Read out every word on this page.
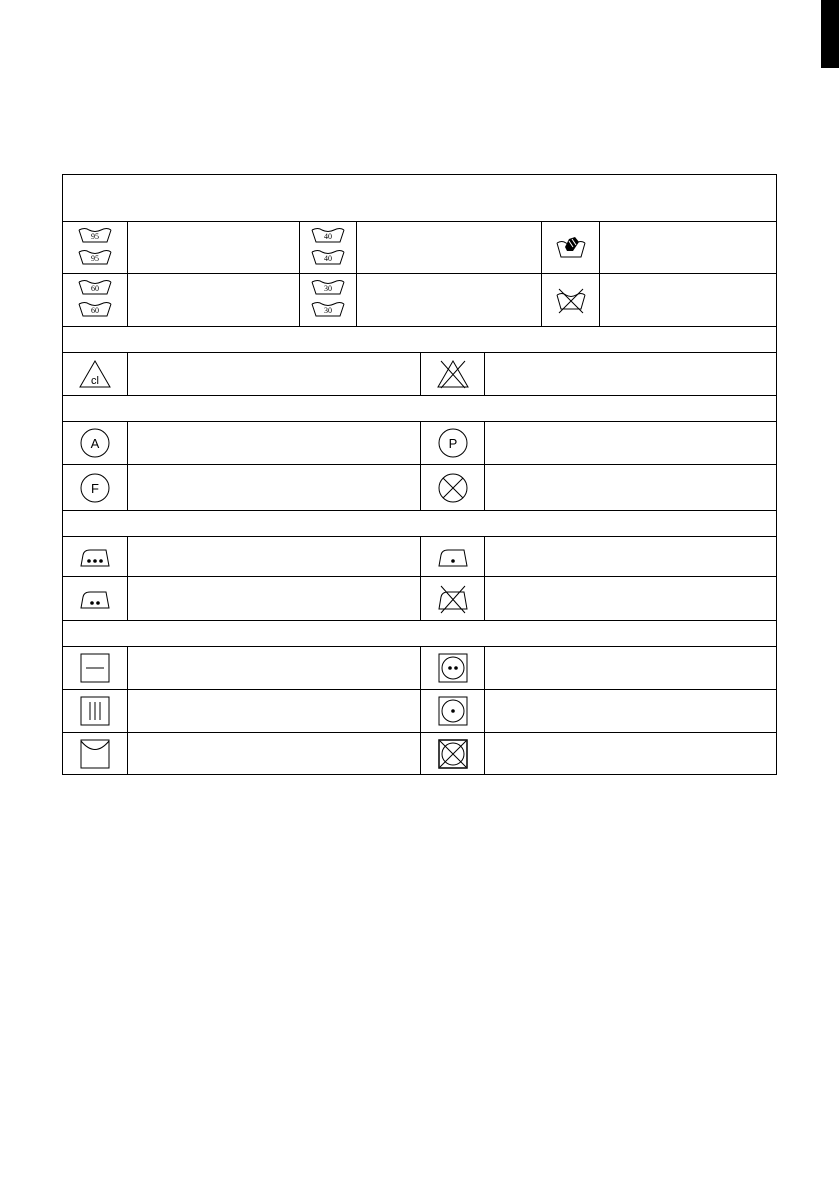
95
95
40
40
60
60
30
30
cl
A	P
F
